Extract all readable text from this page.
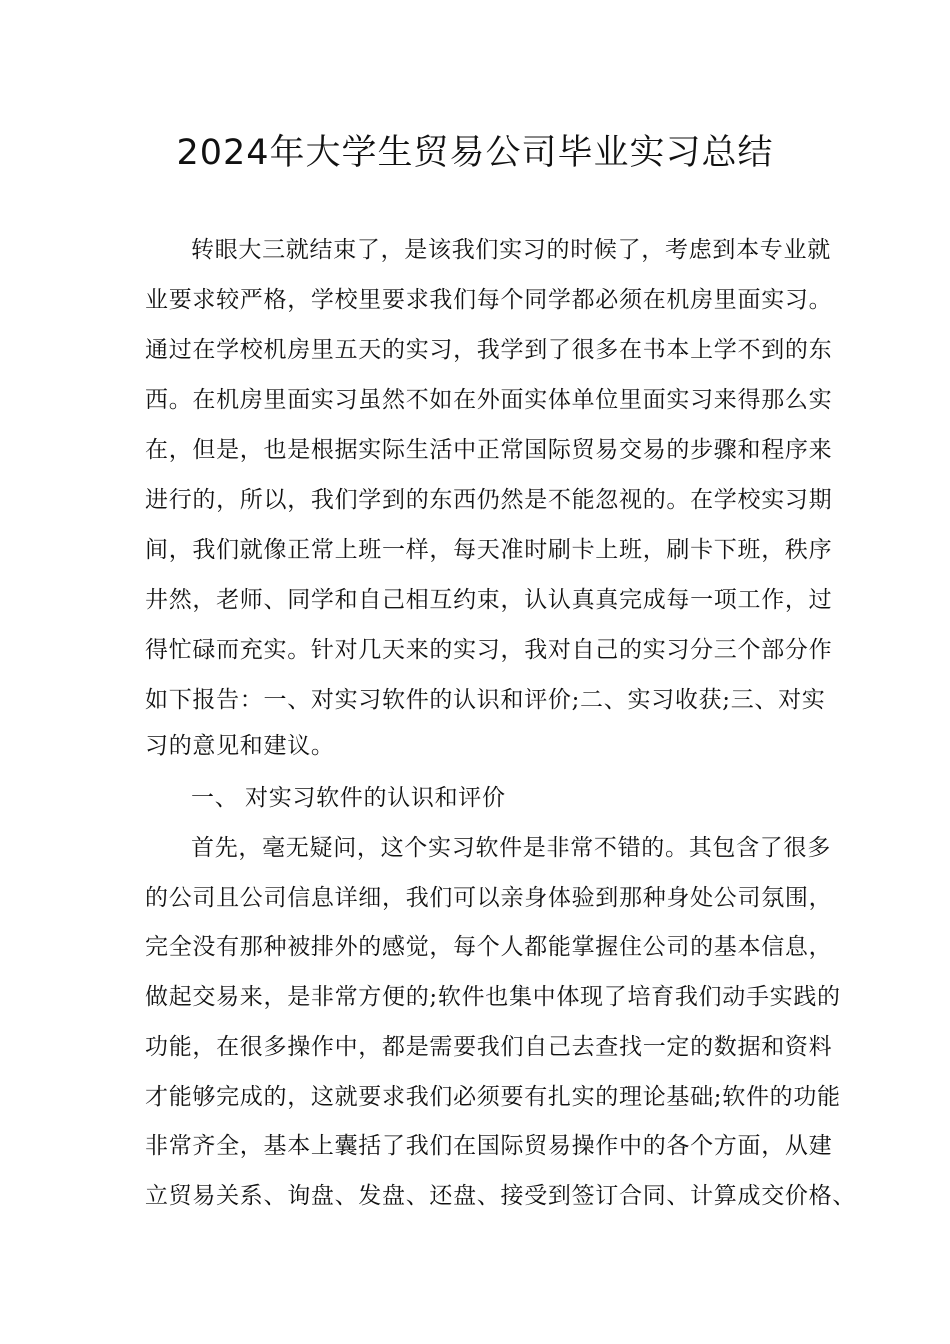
2024年大学生贸易公司毕业实习总结

转眼大三就结束了，是该我们实习的时候了，考虑到本专业就

业要求较严格，学校里要求我们每个同学都必须在机房里面实习。

通过在学校机房里五天的实习，我学到了很多在书本上学不到的东

西。在机房里面实习虽然不如在外面实体单位里面实习来得那么实

在，但是，也是根据实际生活中正常国际贸易交易的步骤和程序来

进行的，所以，我们学到的东西仍然是不能忽视的。在学校实习期

间，我们就像正常上班一样，每天准时刷卡上班，刷卡下班，秩序

井然，老师、同学和自己相互约束，认认真真完成每一项工作，过

得忙碌而充实。针对几天来的实习，我对自己的实习分三个部分作

如下报告：一、对实习软件的认识和评价;二、实习收获;三、对实

习的意见和建议。

一、 对实习软件的认识和评价

首先，毫无疑问，这个实习软件是非常不错的。其包含了很多

的公司且公司信息详细，我们可以亲身体验到那种身处公司氛围，

完全没有那种被排外的感觉，每个人都能掌握住公司的基本信息，

做起交易来，是非常方便的;软件也集中体现了培育我们动手实践的

功能，在很多操作中，都是需要我们自己去查找一定的数据和资料

才能够完成的，这就要求我们必须要有扎实的理论基础;软件的功能

非常齐全，基本上囊括了我们在国际贸易操作中的各个方面，从建

立贸易关系、询盘、发盘、还盘、接受到签订合同、计算成交价格、
